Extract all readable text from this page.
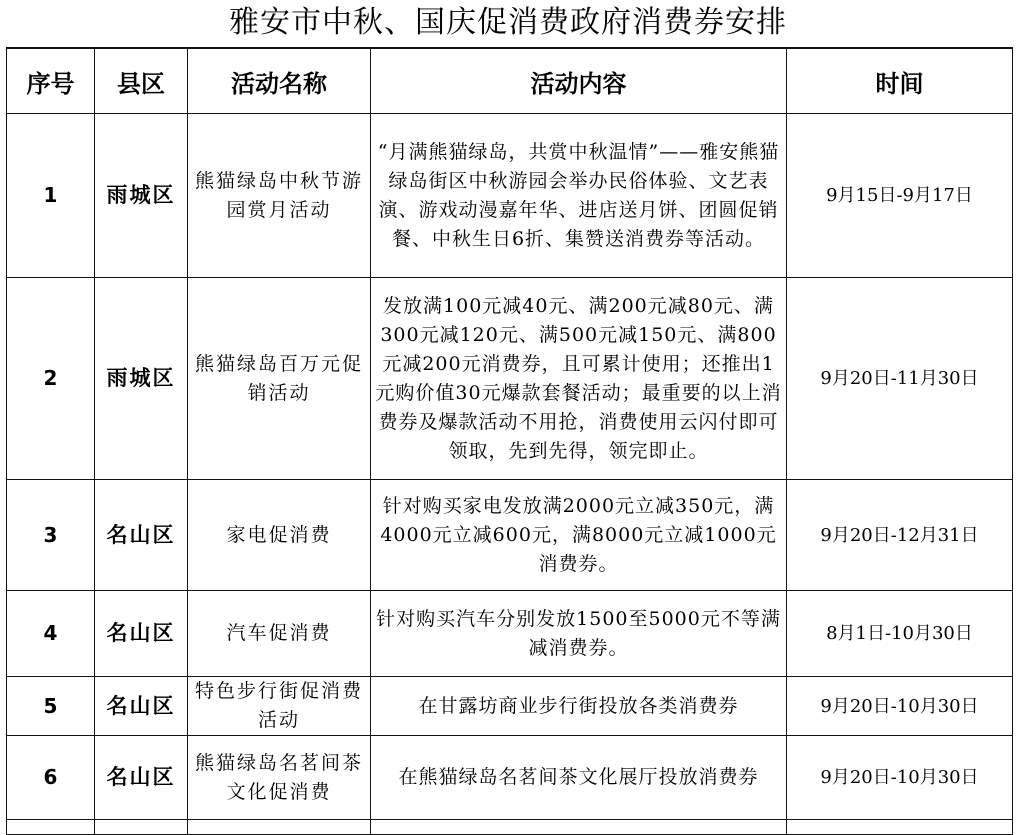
雅安市中秋、国庆促消费政府消费券安排
序号	县区	活动名称	活动内容	时间
1	雨城区	熊猫绿岛中秋节游园赏月活动	“月满熊猫绿岛，共赏中秋温情”——雅安熊猫绿岛街区中秋游园会举办民俗体验、文艺表演、游戏动漫嘉年华、进店送月饼、团圆促销餐、中秋生日6折、集赞送消费券等活动。	9月15日-9月17日
2	雨城区	熊猫绿岛百万元促销活动	发放满100元减40元、满200元减80元、满300元减120元、满500元减150元、满800元减200元消费券，且可累计使用；还推出1元购价值30元爆款套餐活动；最重要的以上消费券及爆款活动不用抢，消费使用云闪付即可领取，先到先得，领完即止。	9月20日-11月30日
3	名山区	家电促消费	针对购买家电发放满2000元立减350元，满4000元立减600元，满8000元立减1000元消费券。	9月20日-12月31日
4	名山区	汽车促消费	针对购买汽车分别发放1500至5000元不等满减消费券。	8月1日-10月30日
5	名山区	特色步行街促消费活动	在甘露坊商业步行街投放各类消费券	9月20日-10月30日
6	名山区	熊猫绿岛名茗间茶文化促消费	在熊猫绿岛名茗间茶文化展厅投放消费券	9月20日-10月30日
